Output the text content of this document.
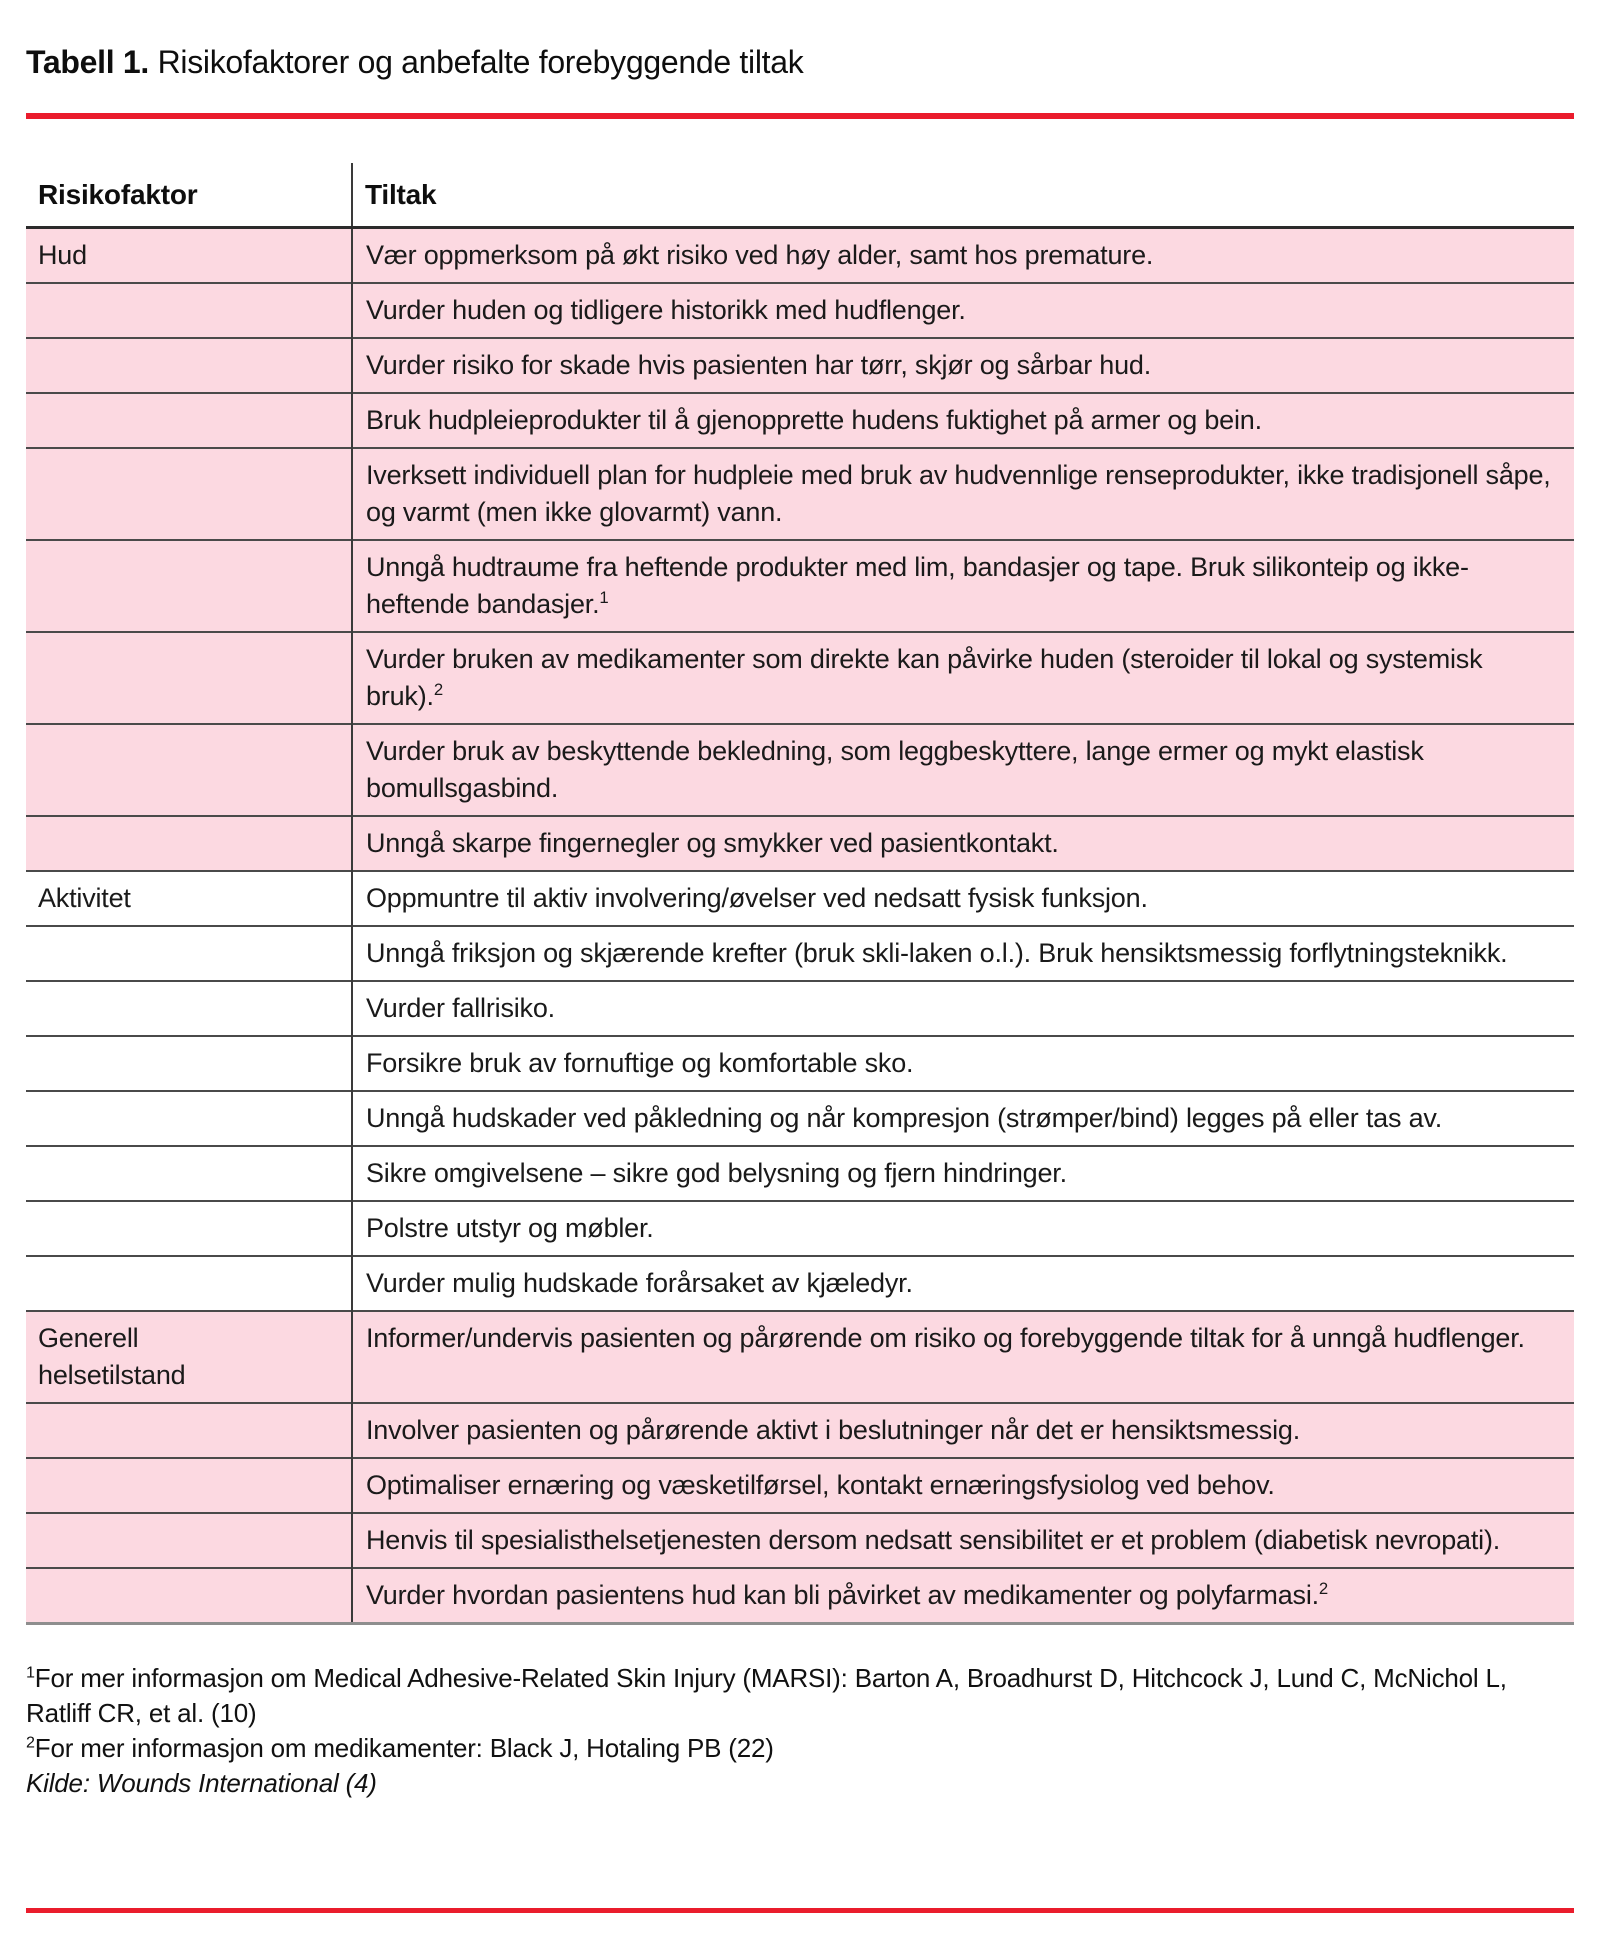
Tabell 1. Risikofaktorer og anbefalte forebyggende tiltak
Risikofaktor	Tiltak
Hud	Vær oppmerksom på økt risiko ved høy alder, samt hos premature.
	Vurder huden og tidligere historikk med hudflenger.
	Vurder risiko for skade hvis pasienten har tørr, skjør og sårbar hud.
	Bruk hudpleieprodukter til å gjenopprette hudens fuktighet på armer og bein.
	Iverksett individuell plan for hudpleie med bruk av hudvennlige renseprodukter, ikke tradisjonell såpe, og varmt (men ikke glovarmt) vann.
	Unngå hudtraume fra heftende produkter med lim, bandasjer og tape. Bruk silikonteip og ikke-heftende bandasjer.$^1$
	Vurder bruken av medikamenter som direkte kan påvirke huden (steroider til lokal og systemisk bruk).$^2$
	Vurder bruk av beskyttende bekledning, som leggbeskyttere, lange ermer og mykt elastisk bomullsgasbind.
	Unngå skarpe fingernegler og smykker ved pasientkontakt.
Aktivitet	Oppmuntre til aktiv involvering/øvelser ved nedsatt fysisk funksjon.
	Unngå friksjon og skjærende krefter (bruk skli-laken o.l.). Bruk hensiktsmessig forflytningsteknikk.
	Vurder fallrisiko.
	Forsikre bruk av fornuftige og komfortable sko.
	Unngå hudskader ved påkledning og når kompresjon (strømper/bind) legges på eller tas av.
	Sikre omgivelsene – sikre god belysning og fjern hindringer.
	Polstre utstyr og møbler.
	Vurder mulig hudskade forårsaket av kjæledyr.
Generell helsetilstand	Informer/undervis pasienten og pårørende om risiko og forebyggende tiltak for å unngå hudflenger.
	Involver pasienten og pårørende aktivt i beslutninger når det er hensiktsmessig.
	Optimaliser ernæring og væsketilførsel, kontakt ernæringsfysiolog ved behov.
	Henvis til spesialisthelsetjenesten dersom nedsatt sensibilitet er et problem (diabetisk nevropati).
	Vurder hvordan pasientens hud kan bli påvirket av medikamenter og polyfarmasi.$^2$

$^1$For mer informasjon om Medical Adhesive-Related Skin Injury (MARSI): Barton A, Broadhurst D, Hitchcock J, Lund C, McNichol L, Ratliff CR, et al. (10)

$^2$For mer informasjon om medikamenter: Black J, Hotaling PB (22)

Kilde: Wounds International (4)
